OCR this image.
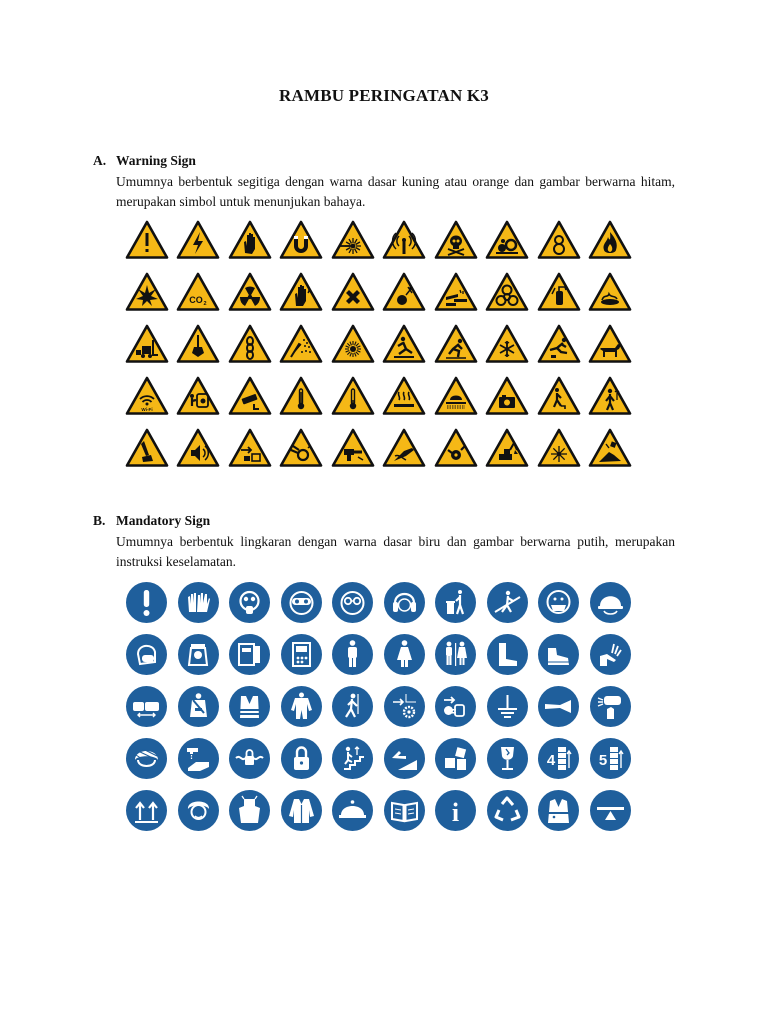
RAMBU PERINGATAN K3
A. Warning Sign
Umumnya berbentuk segitiga dengan warna dasar kuning atau orange dan gambar berwarna hitam, merupakan simbol untuk menunjukan bahaya.
CO 2
Wi-Fi
B. Mandatory Sign
Umumnya berbentuk lingkaran dengan warna dasar biru dan gambar berwarna putih, merupakan instruksi keselamatan.
4	5
i
